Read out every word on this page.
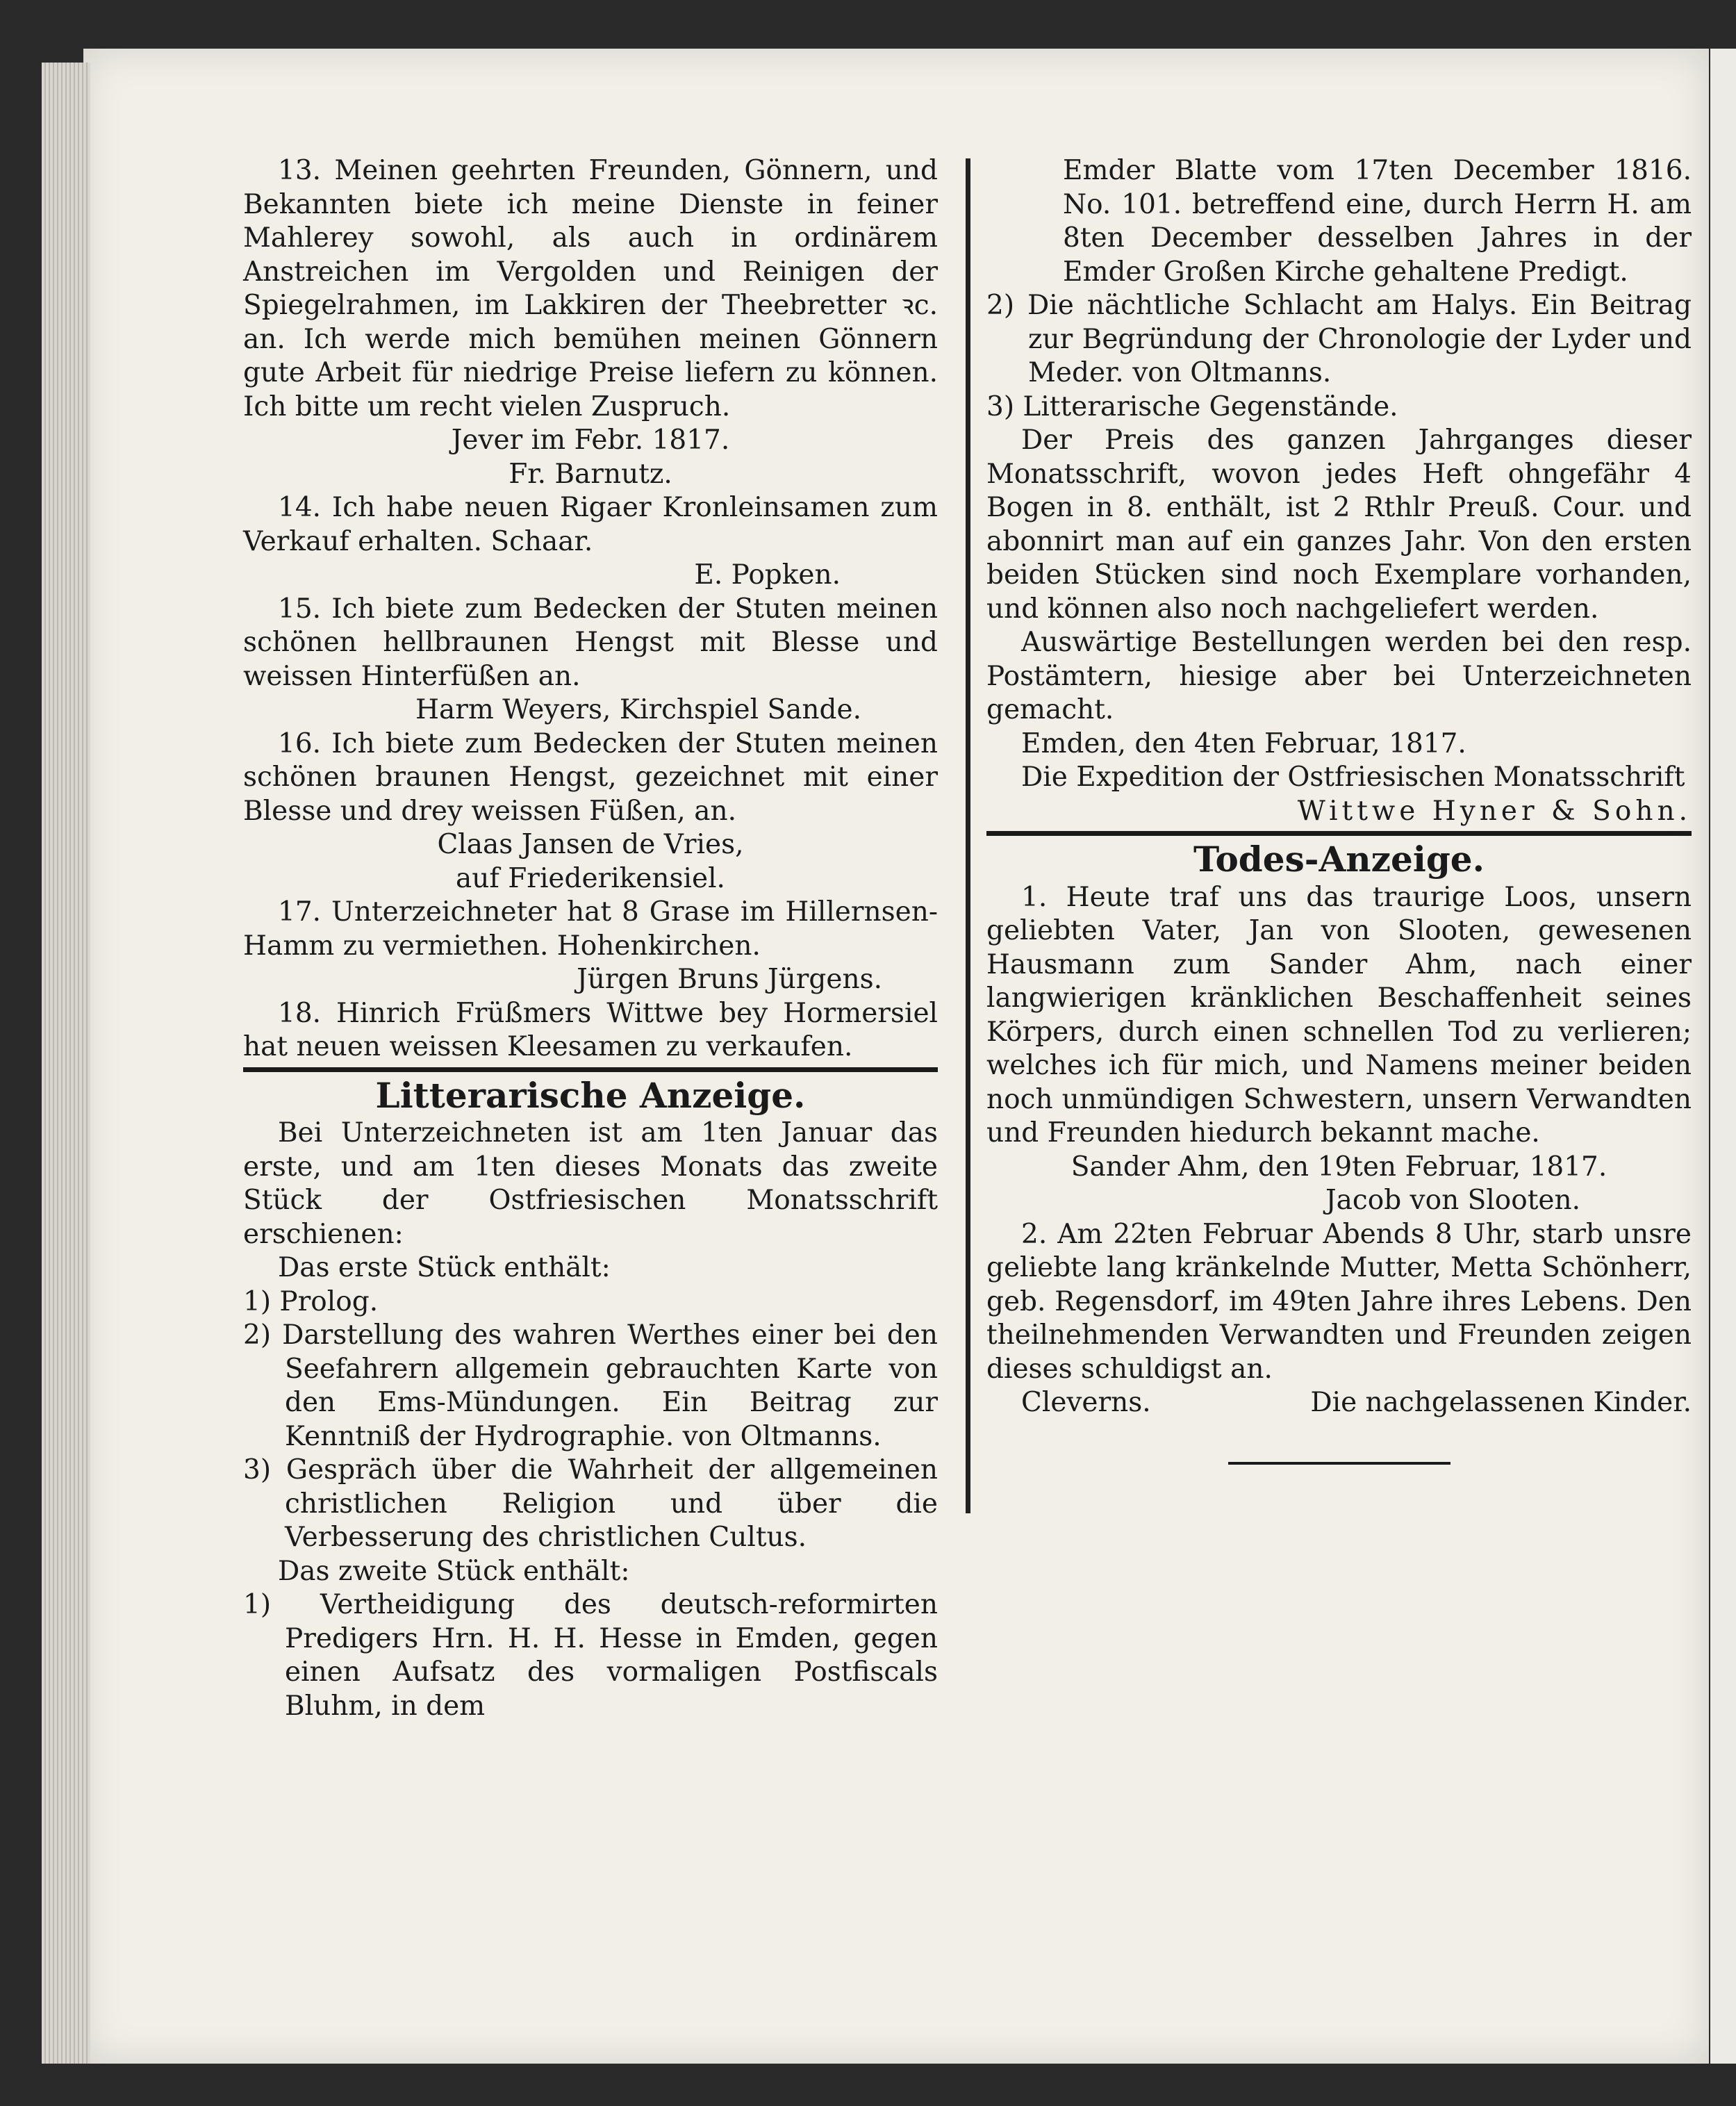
13. Meinen geehrten Freunden, Gönnern, und Bekannten biete ich meine Dienste in feiner Mahlerey sowohl, als auch in ordinärem Anstreichen im Vergolden und Reinigen der Spiegelrahmen, im Lakkiren der Theebretter ꝛc. an. Ich werde mich bemühen meinen Gönnern gute Arbeit für niedrige Preise liefern zu können. Ich bitte um recht vielen Zuspruch.

Jever im Febr. 1817.

Fr. Barnutz.

14. Ich habe neuen Rigaer Kronleinsamen zum Verkauf erhalten. Schaar.

E. Popken.

15. Ich biete zum Bedecken der Stuten meinen schönen hellbraunen Hengst mit Blesse und weissen Hinterfüßen an.

Harm Weyers, Kirchspiel Sande.

16. Ich biete zum Bedecken der Stuten meinen schönen braunen Hengst, gezeichnet mit einer Blesse und drey weissen Füßen, an.

Claas Jansen de Vries,

auf Friederikensiel.

17. Unterzeichneter hat 8 Grase im Hillernsen-Hamm zu vermiethen. Hohenkirchen.

Jürgen Bruns Jürgens.

18. Hinrich Früßmers Wittwe bey Hormersiel hat neuen weissen Kleesamen zu verkaufen.

Litterarische Anzeige.

Bei Unterzeichneten ist am 1ten Januar das erste, und am 1ten dieses Monats das zweite Stück der Ostfriesischen Monatsschrift erschienen:

Das erste Stück enthält:

1) Prolog.

2) Darstellung des wahren Werthes einer bei den Seefahrern allgemein gebrauchten Karte von den Ems-Mündungen. Ein Beitrag zur Kenntniß der Hydrographie. von Oltmanns.

3) Gespräch über die Wahrheit der allgemeinen christlichen Religion und über die Verbesserung des christlichen Cultus.

Das zweite Stück enthält:

1) Vertheidigung des deutsch-reformirten Predigers Hrn. H. H. Hesse in Emden, gegen einen Aufsatz des vormaligen Postfiscals Bluhm, in dem

Emder Blatte vom 17ten December 1816. No. 101. betreffend eine, durch Herrn H. am 8ten December desselben Jahres in der Emder Großen Kirche gehaltene Predigt.

2) Die nächtliche Schlacht am Halys. Ein Beitrag zur Begründung der Chronologie der Lyder und Meder. von Oltmanns.

3) Litterarische Gegenstände.

Der Preis des ganzen Jahrganges dieser Monatsschrift, wovon jedes Heft ohngefähr 4 Bogen in 8. enthält, ist 2 Rthlr Preuß. Cour. und abonnirt man auf ein ganzes Jahr. Von den ersten beiden Stücken sind noch Exemplare vorhanden, und können also noch nachgeliefert werden.

Auswärtige Bestellungen werden bei den resp. Postämtern, hiesige aber bei Unterzeichneten gemacht.

Emden, den 4ten Februar, 1817.

Die Expedition der Ostfriesischen Monatsschrift

Wittwe Hyner & Sohn.

Todes-Anzeige.

1. Heute traf uns das traurige Loos, unsern geliebten Vater, Jan von Slooten, gewesenen Hausmann zum Sander Ahm, nach einer langwierigen kränklichen Beschaffenheit seines Körpers, durch einen schnellen Tod zu verlieren; welches ich für mich, und Namens meiner beiden noch unmündigen Schwestern, unsern Verwandten und Freunden hiedurch bekannt mache.

Sander Ahm, den 19ten Februar, 1817.

Jacob von Slooten.

2. Am 22ten Februar Abends 8 Uhr, starb unsre geliebte lang kränkelnde Mutter, Metta Schönherr, geb. Regensdorf, im 49ten Jahre ihres Lebens. Den theilnehmenden Verwandten und Freunden zeigen dieses schuldigst an.

Cleverns.	Die nachgelassenen Kinder.
